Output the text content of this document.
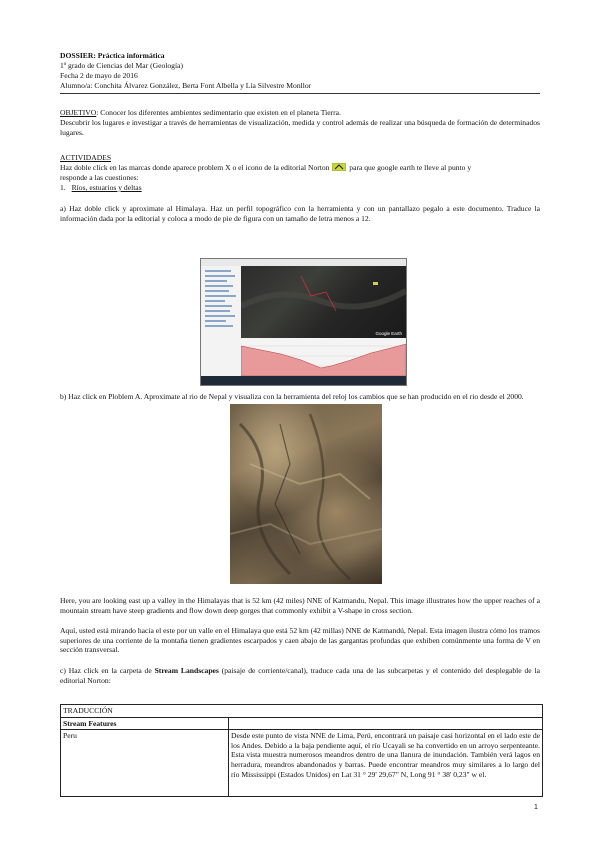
DOSSIER: Práctica informática
1º grado de Ciencias del Mar (Geología)
Fecha 2 de mayo de 2016
Alumno/a: Conchita Álvarez González, Berta Font Albella y Lía Silvestre Monllor
OBJETIVO: Conocer los diferentes ambientes sedimentario que existen en el planeta Tierra.
Descubrir los lugares e investigar a través de herramientas de visualización, medida y control además de realizar una búsqueda de formación de determinados lugares.
ACTIVIDADES
Haz doble click en las marcas donde aparece problem X o el icono de la editorial Norton	para que google earth te lleve al punto y
responde a las cuestiones:
1. Ríos, estuarios y deltas
a) Haz doble click y aproximate al Himalaya. Haz un perfil topográfico con la herramienta y con un pantallazo pegalo a este documento. Traduce la información dada por la editorial y coloca a modo de pie de figura con un tamaño de letra menos a 12.
Google Earth
b) Haz click en Ploblem A. Aproximate al rio de Nepal y visualiza con la herramienta del reloj los cambios que se han producido en el rio desde el 2000.
Here, you are looking east up a valley in the Himalayas that is 52 km (42 miles) NNE of Katmandu, Nepal. This image illustrates how the upper reaches of a mountain stream have steep gradients and flow down deep gorges that commonly exhibit a V-shape in cross section.
Aquí, usted está mirando hacia el este por un valle en el Himalaya que está 52 km (42 millas) NNE de Katmandú, Nepal. Esta imagen ilustra cómo los tramos superiores de una corriente de la montaña tienen gradientes escarpados y caen abajo de las gargantas profundas que exhiben comúnmente una forma de V en sección transversal.
c) Haz click en la carpeta de Stream Landscapes (paisaje de corriente/canal), traduce cada una de las subcarpetas y el contenido del desplegable de la editorial Norton:
TRADUCCIÓN	
Stream Features	
Peru	Desde este punto de vista NNE de Lima, Perú, encontrará un paisaje casi horizontal en el lado este de los Andes. Debido a la baja pendiente aquí, el río Ucayali se ha convertido en un arroyo serpenteante. Esta vista muestra numerosos meandros dentro de una llanura de inundación. También verá lagos en herradura, meandros abandonados y barras. Puede encontrar meandros muy similares a lo largo del río Mississippi (Estados Unidos) en Lat 31 ° 29' 29,67" N, Long 91 ° 38' 0,23" w el.
1
